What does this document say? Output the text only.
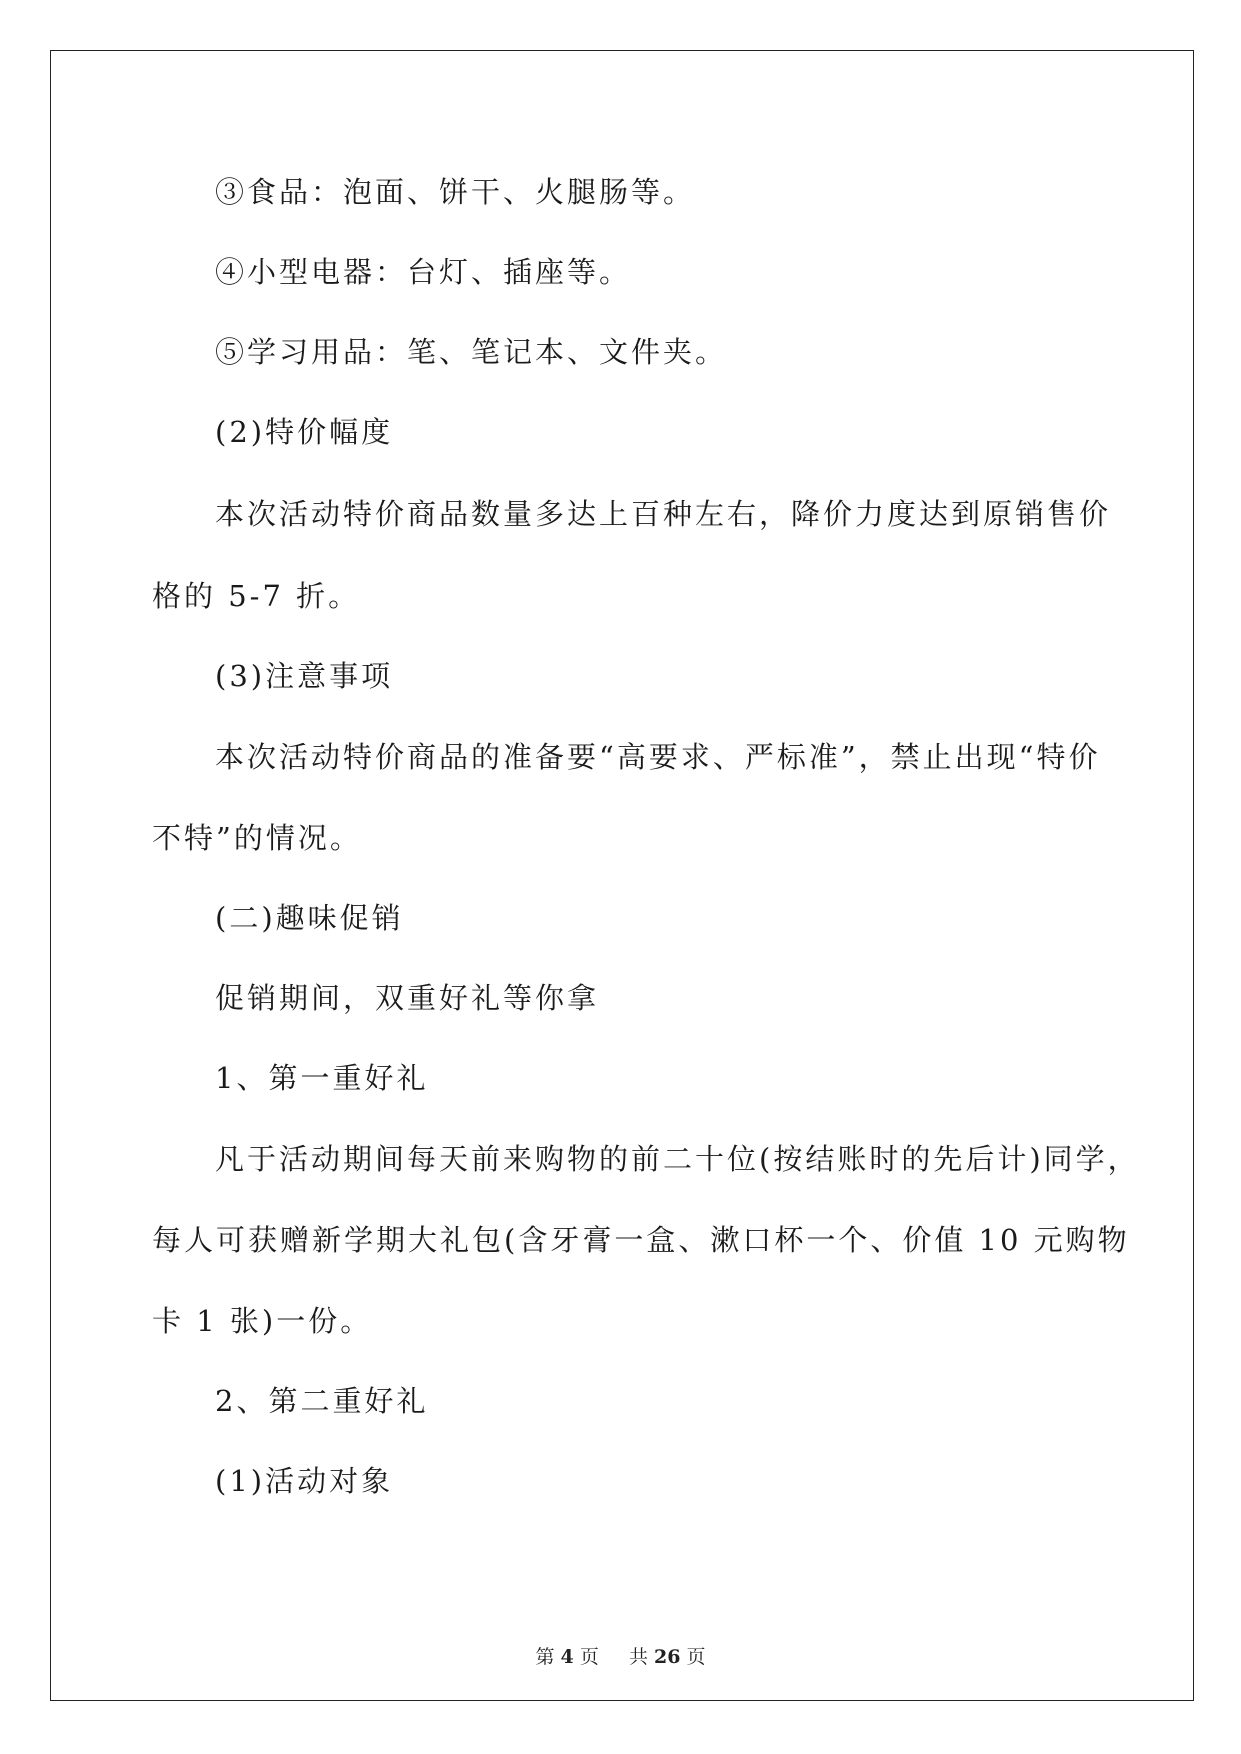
③食品：泡面、饼干、火腿肠等。
④小型电器：台灯、插座等。
⑤学习用品：笔、笔记本、文件夹。
(2)特价幅度
本次活动特价商品数量多达上百种左右，降价力度达到原销售价
格的 5-7 折。
(3)注意事项
本次活动特价商品的准备要“高要求、严标准”，禁止出现“特价
不特”的情况。
(二)趣味促销
促销期间，双重好礼等你拿
1、第一重好礼
凡于活动期间每天前来购物的前二十位(按结账时的先后计)同学，
每人可获赠新学期大礼包(含牙膏一盒、漱口杯一个、价值 10 元购物
卡 1 张)一份。
2、第二重好礼
(1)活动对象
第 4 页 共 26 页
